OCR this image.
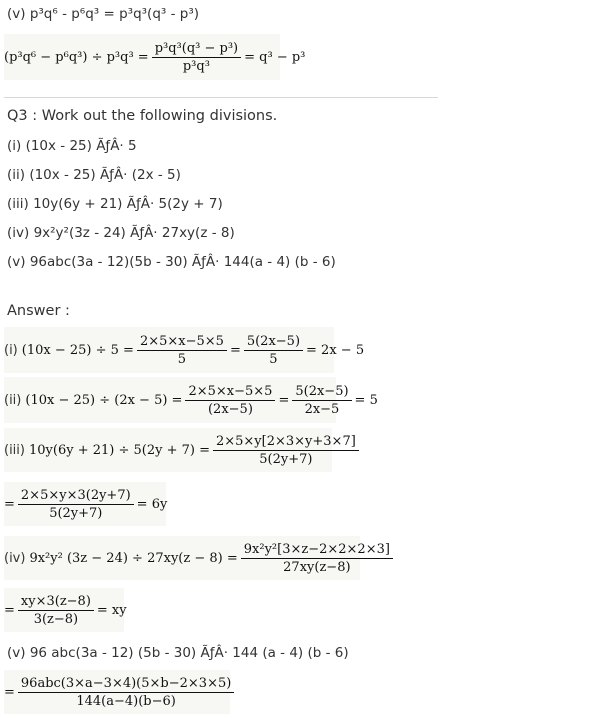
(v) p³q⁶ - p⁶q³ = p³q³(q³ - p³)
$(p^3q^6 - p^6q^3) \div p^3q^3 = \frac{\text{p³q³(q³ − p³)}}{\text{p³q³}} = q^3 - p^3$
Q3 : Work out the following divisions.
(i) (10x - 25) ÃƒÂ· 5
(ii) (10x - 25) ÃƒÂ· (2x - 5)
(iii) 10y(6y + 21) ÃƒÂ· 5(2y + 7)
(iv) 9x²y²(3z - 24) ÃƒÂ· 27xy(z - 8)
(v) 96abc(3a - 12)(5b - 30) ÃƒÂ· 144(a - 4) (b - 6)
Answer :
(i) $(10x - 25) \div 5 = \frac{2\times 5\times x-5\times 5}{5} = \frac{5(2x-5)}{5} = 2x - 5$
(ii) $(10x - 25) \div (2x - 5) = \frac{2\times 5\times x-5\times 5}{(2x-5)} = \frac{5(2x-5)}{2x-5} = 5$
(iii) $10y(6y + 21) \div 5(2y + 7) = \frac{2\times 5\times y[2\times 3\times y+3\times 7]}{5(2y+7)}$
= $\frac{2\times 5\times y\times 3(2y+7)}{5(2y+7)} = 6y$
(iv) 9x²y² $(3z - 24) \div 27xy(z - 8) = \frac{\text{9x²y²[3×z−2×2×2×3]}}{27xy(z-8)}$
= $\frac{xy\times 3(z-8)}{3(z-8)}$ = xy
(v) 96 abc(3a - 12) (5b - 30) ÃƒÂ· 144 (a - 4) (b - 6)
= $\frac{\text{96abc(3×a−3×4)(5×b−2×3×5)}}{144(a-4)(b-6)}$
